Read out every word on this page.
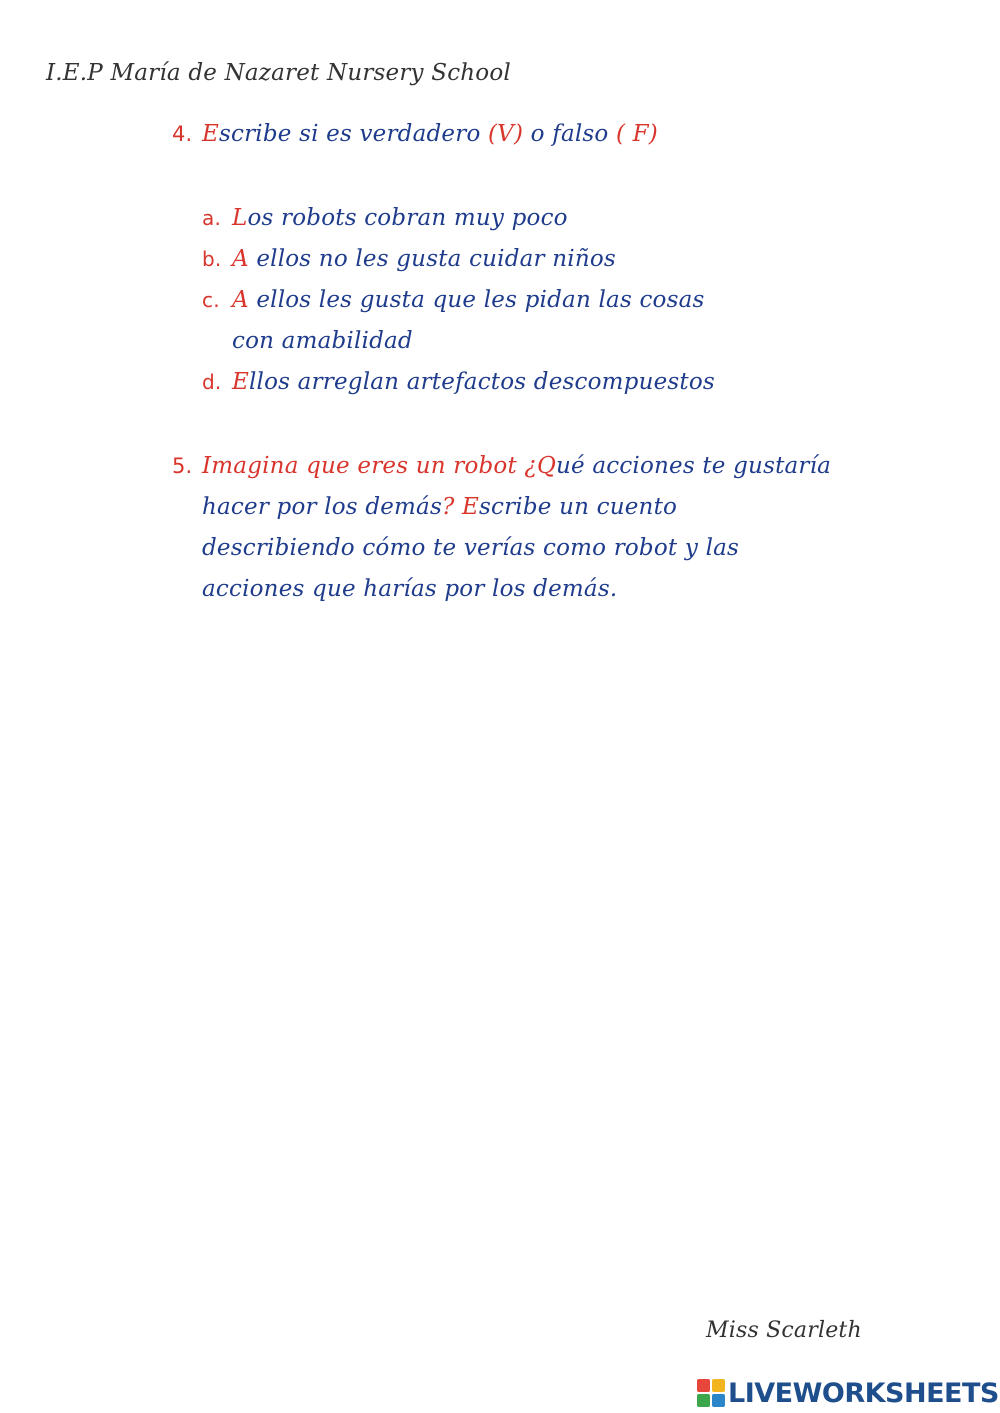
I.E.P María de Nazaret Nursery School
4. Escribe si es verdadero (V) o falso ( F)
a. Los robots cobran muy poco
b. A ellos no les gusta cuidar niños
c. A ellos les gusta que les pidan las cosas con amabilidad
d. Ellos arreglan artefactos descompuestos
5. Imagina que eres un robot ¿Qué acciones te gustaría hacer por los demás? Escribe un cuento describiendo cómo te verías como robot y las acciones que harías por los demás.
Miss Scarleth
LIVEWORKSHEETS
